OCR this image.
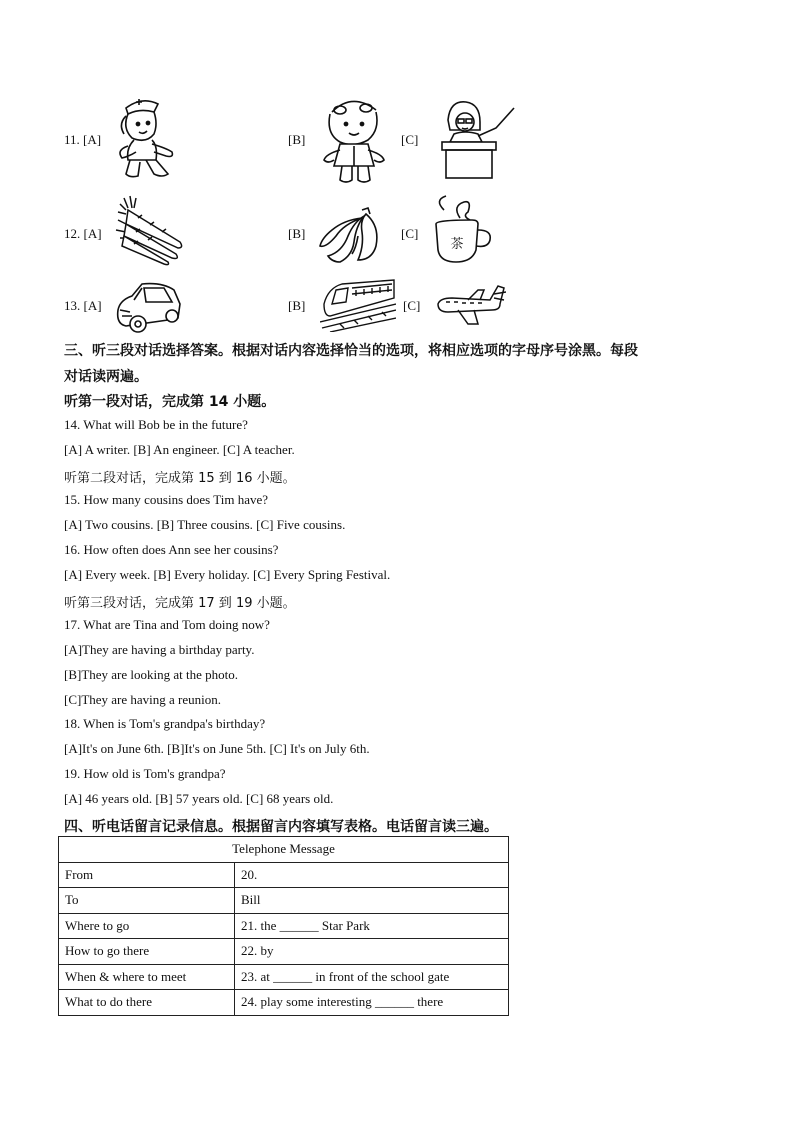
11. [A]	[B]	[C]
12. [A]	[B]	[C]
茶
13. [A]	[B]	[C]
三、听三段对话选择答案。根据对话内容选择恰当的选项，将相应选项的字母序号涂黑。每段
对话读两遍。
听第一段对话，完成第 14 小题。
14. What will Bob be in the future?
[A] A writer. [B] An engineer. [C] A teacher.
听第二段对话，完成第 15 到 16 小题。
15. How many cousins does Tim have?
[A] Two cousins. [B] Three cousins. [C] Five cousins.
16. How often does Ann see her cousins?
[A] Every week. [B] Every holiday. [C] Every Spring Festival.
听第三段对话，完成第 17 到 19 小题。
17. What are Tina and Tom doing now?
[A]They are having a birthday party.
[B]They are looking at the photo.
[C]They are having a reunion.
18. When is Tom's grandpa's birthday?
[A]It's on June 6th. [B]It's on June 5th. [C] It's on July 6th.
19. How old is Tom's grandpa?
[A] 46 years old. [B] 57 years old. [C] 68 years old.
四、听电话留言记录信息。根据留言内容填写表格。电话留言读三遍。
Telephone Message	
From	20.
To	Bill
Where to go	21. the ______ Star Park
How to go there	22. by
When & where to meet	23. at ______ in front of the school gate
What to do there	24. play some interesting ______ there
